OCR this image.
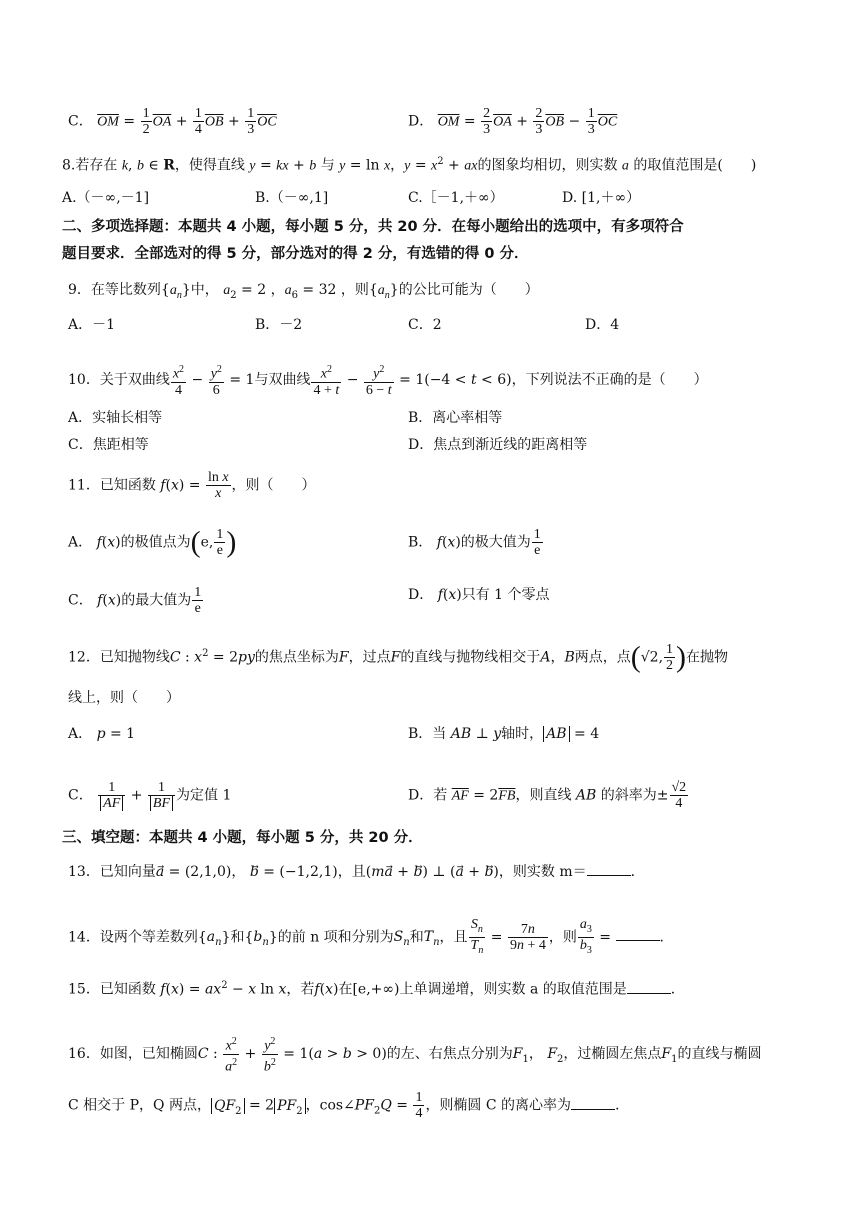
C． $\overline{OM} = \frac{1}{2} \overline{OA} + \frac{1}{4} \overline{OB} + \frac{1}{3} \overline{OC}$	D． $\overline{OM} = \frac{2}{3} \overline{OA} + \frac{2}{3} \overline{OB} - \frac{1}{3} \overline{OC}$
8.若存在 k, b ∈ R，使得直线 y = kx + b 与 y = ln x，$y = x^2$ + ax的图象均相切，则实数 a 的取值范围是(　　)
A.（－∞,－1]	B.（－∞,1]	C.［－1,＋∞）	D. [1,＋∞）
二、多项选择题：本题共 4 小题，每小题 5 分，共 20 分．在每小题给出的选项中，有多项符合
题目要求．全部选对的得 5 分，部分选对的得 2 分，有选错的得 0 分．
9．在等比数列$\{a_n\}$中， $a_2 = 2$ ，$a_6 = 32$ ，则$\{a_n\}$的公比可能为（　　）
A．－1	B．－2	C．2	D．4
10．关于双曲线 $\frac{x^2}{4} - \frac{y^2}{6} = 1$与双曲线 $\frac{x^2}{4 + t} - \frac{y^2}{6 - t} = 1(-4 < t < 6)$，下列说法不正确的是（　　）
A．实轴长相等	B．离心率相等
C．焦距相等	D．焦点到渐近线的距离相等
11．已知函数 $f(x) = \frac{\text{ln x}}{x}$ ，则（　　）
A． f(x)的极值点为(e, $\frac{1}{e}$ )	B． f(x)的极大值为 $\frac{1}{e}$
C． f(x)的最大值为 $\frac{1}{e}$	D． f(x)只有 1 个零点
12．已知抛物线C : $x^2 = 2py$的焦点坐标为F，过点F的直线与抛物线相交于A，B两点，点(√2, $\frac{1}{2}$ )在抛物
线上，则（　　）
A． p = 1	B．当 AB ⊥ y轴时， AB = 4
C． $\frac{1}{AF} + \frac{1}{BF}$ 为定值 1	D．若 $\overline{AF} = 2\overline{FB}$，则直线 AB 的斜率为± $\frac{√2}{4}$
三、填空题：本题共 4 小题，每小题 5 分，共 20 分．
13．已知向量a⃗ = (2,1,0)， b⃗ = (−1,2,1)，且(ma⃗ + b⃗) ⊥ (a⃗ + b⃗)，则实数 m＝	．
14．设两个等差数列$\{a_n\}$和$\{b_n\}$的前 n 项和分别为$S_n$和$T_n$，且 $\frac{S_n}{T_n} = \frac{7n}{9n + 4}$ ，则 $\frac{a_3}{b_3}$ =	．
15．已知函数 $f(x) = ax^2 - x$ ln x，若f(x)在[e,+∞)上单调递增，则实数 a 的取值范围是	．
16．如图，已知椭圆C : $\frac{x^2}{a^2} + \frac{y^2}{b^2} = 1(a > b > 0)$的左、右焦点分别为$F_1$， $F_2$，过椭圆左焦点$F_1$的直线与椭圆
C 相交于 P，Q 两点， $QF_2 = 2$ $PF_2$ ，$\cos\angle PF_2Q = \frac{1}{4}$ ，则椭圆 C 的离心率为	．
